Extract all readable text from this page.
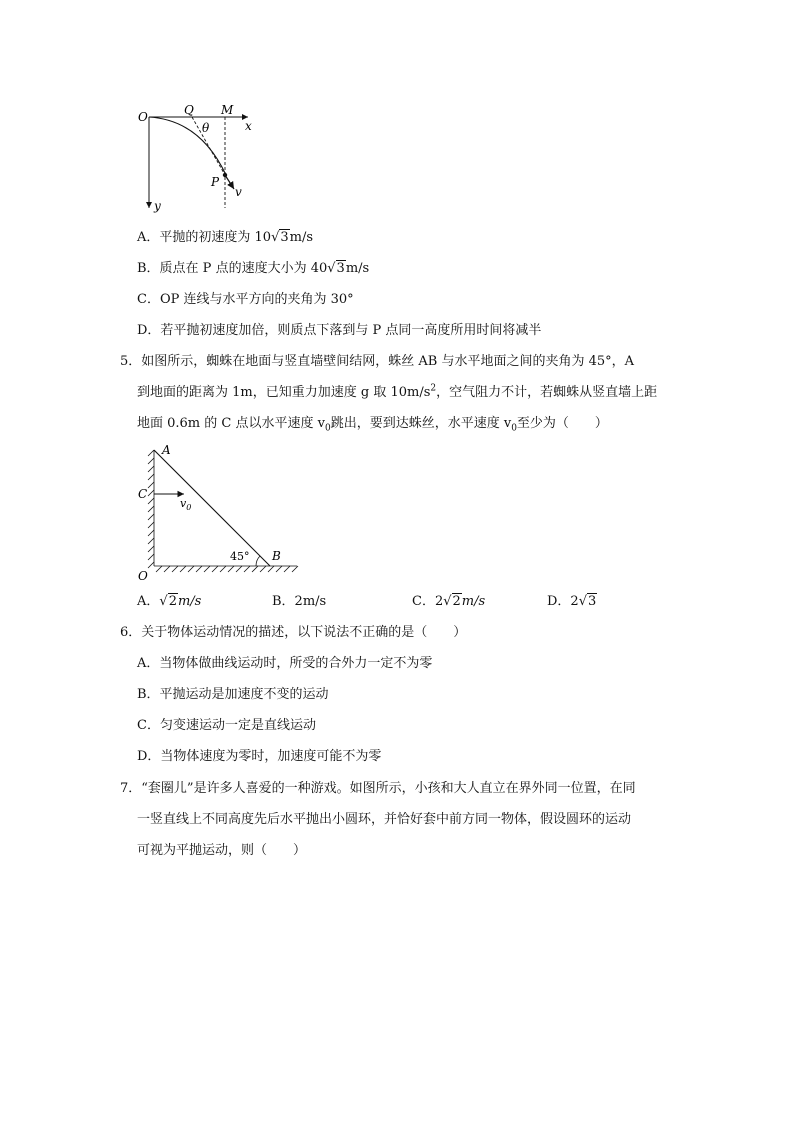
O	Q M
x
θ
P
v
y
A．平抛的初速度为 10√3m/s
B．质点在 P 点的速度大小为 40√3m/s
C．OP 连线与水平方向的夹角为 30°
D．若平抛初速度加倍，则质点下落到与 P 点同一高度所用时间将减半
5．如图所示，蜘蛛在地面与竖直墙壁间结网，蛛丝 AB 与水平地面之间的夹角为 45°，A
到地面的距离为 1m，已知重力加速度 g 取 $10m/s^2$，空气阻力不计，若蜘蛛从竖直墙上距
地面 0.6m 的 C 点以水平速度 $v_0$跳出，要到达蛛丝，水平速度 $v_0$至少为（　　）
A
C
$v_0$
O
B
45°
A．√2m/s	B．2m/s	C．2√2m/s	D．2√3
6．关于物体运动情况的描述，以下说法不正确的是（　　）
A．当物体做曲线运动时，所受的合外力一定不为零
B．平抛运动是加速度不变的运动
C．匀变速运动一定是直线运动
D．当物体速度为零时，加速度可能不为零
7．“套圈儿”是许多人喜爱的一种游戏。如图所示，小孩和大人直立在界外同一位置，在同
一竖直线上不同高度先后水平抛出小圆环，并恰好套中前方同一物体，假设圆环的运动
可视为平抛运动，则（　　）
